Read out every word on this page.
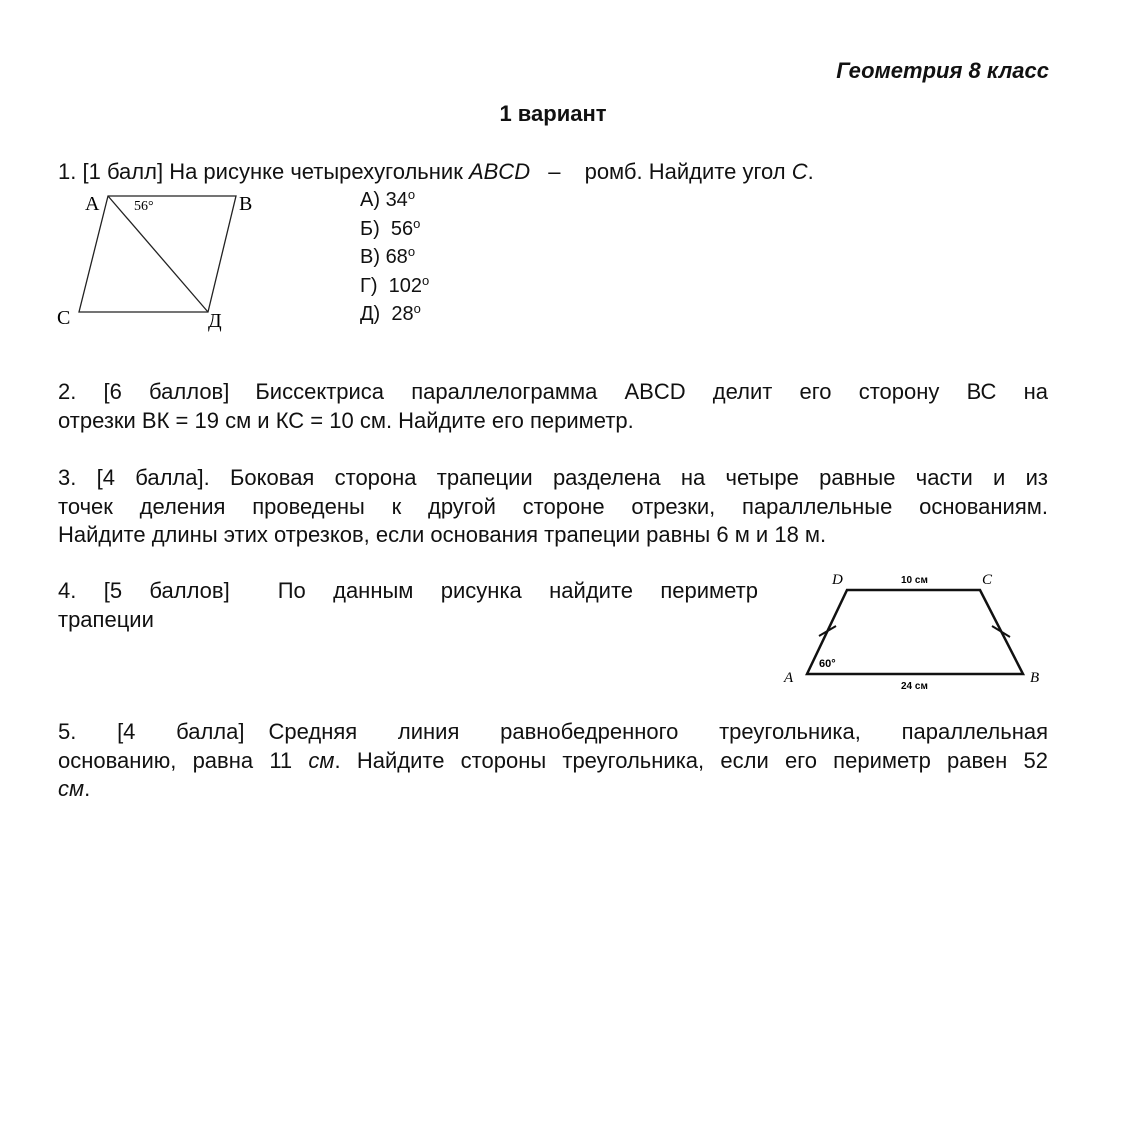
Геометрия 8 класс
1 вариант

1. [1 балл] На рисунке четырехугольник ABCD – ромб. Найдите угол C.

А) 34$^o$
Б) 56$^o$
В) 68$^o$
Г) 102$^o$
Д) 28$^o$
А	В
С	Д
56°

2. [6 баллов] Биссектриса параллелограмма ABCD делит его сторону ВС на

отрезки ВК = 19 см и КС = 10 см. Найдите его периметр.

3. [4 балла]. Боковая сторона трапеции разделена на четыре равные части и из

точек деления проведены к другой стороне отрезки, параллельные основаниям.

Найдите длины этих отрезков, если основания трапеции равны 6 м и 18 м.

4. [5 баллов] По данным рисунка найдите периметр

трапеции

D	C
A	B
10 см
24 см
60°

5. [4 балла] Средняя линия равнобедренного треугольника, параллельная

основанию, равна 11 см. Найдите стороны треугольника, если его периметр равен 52

см.
